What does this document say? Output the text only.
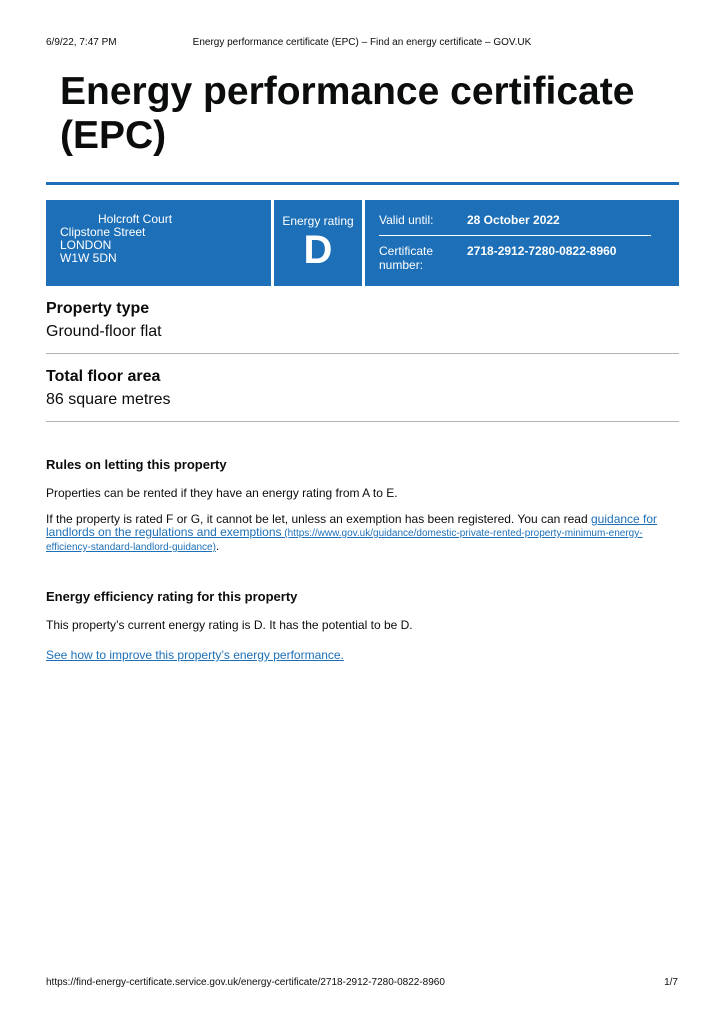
6/9/22, 7:47 PM	Energy performance certificate (EPC) – Find an energy certificate – GOV.UK
Energy performance certificate (EPC)
Holcroft Court
Clipstone Street
LONDON
W1W 5DN
Energy rating
D
Valid until:	28 October 2022
Certificate
number:
2718-2912-7280-0822-8960
Property type
Ground-floor flat
Total floor area
86 square metres
Rules on letting this property

Properties can be rented if they have an energy rating from A to E.

If the property is rated F or G, it cannot be let, unless an exemption has been registered. You can read guidance for landlords on the regulations and exemptions (https://www.gov.uk/guidance/domestic-private-rented-property-minimum-energy-efficiency-standard-landlord-guidance).

Energy efficiency rating for this property

This property’s current energy rating is D. It has the potential to be D.

See how to improve this property’s energy performance.

https://find-energy-certificate.service.gov.uk/energy-certificate/2718-2912-7280-0822-8960	1/7
